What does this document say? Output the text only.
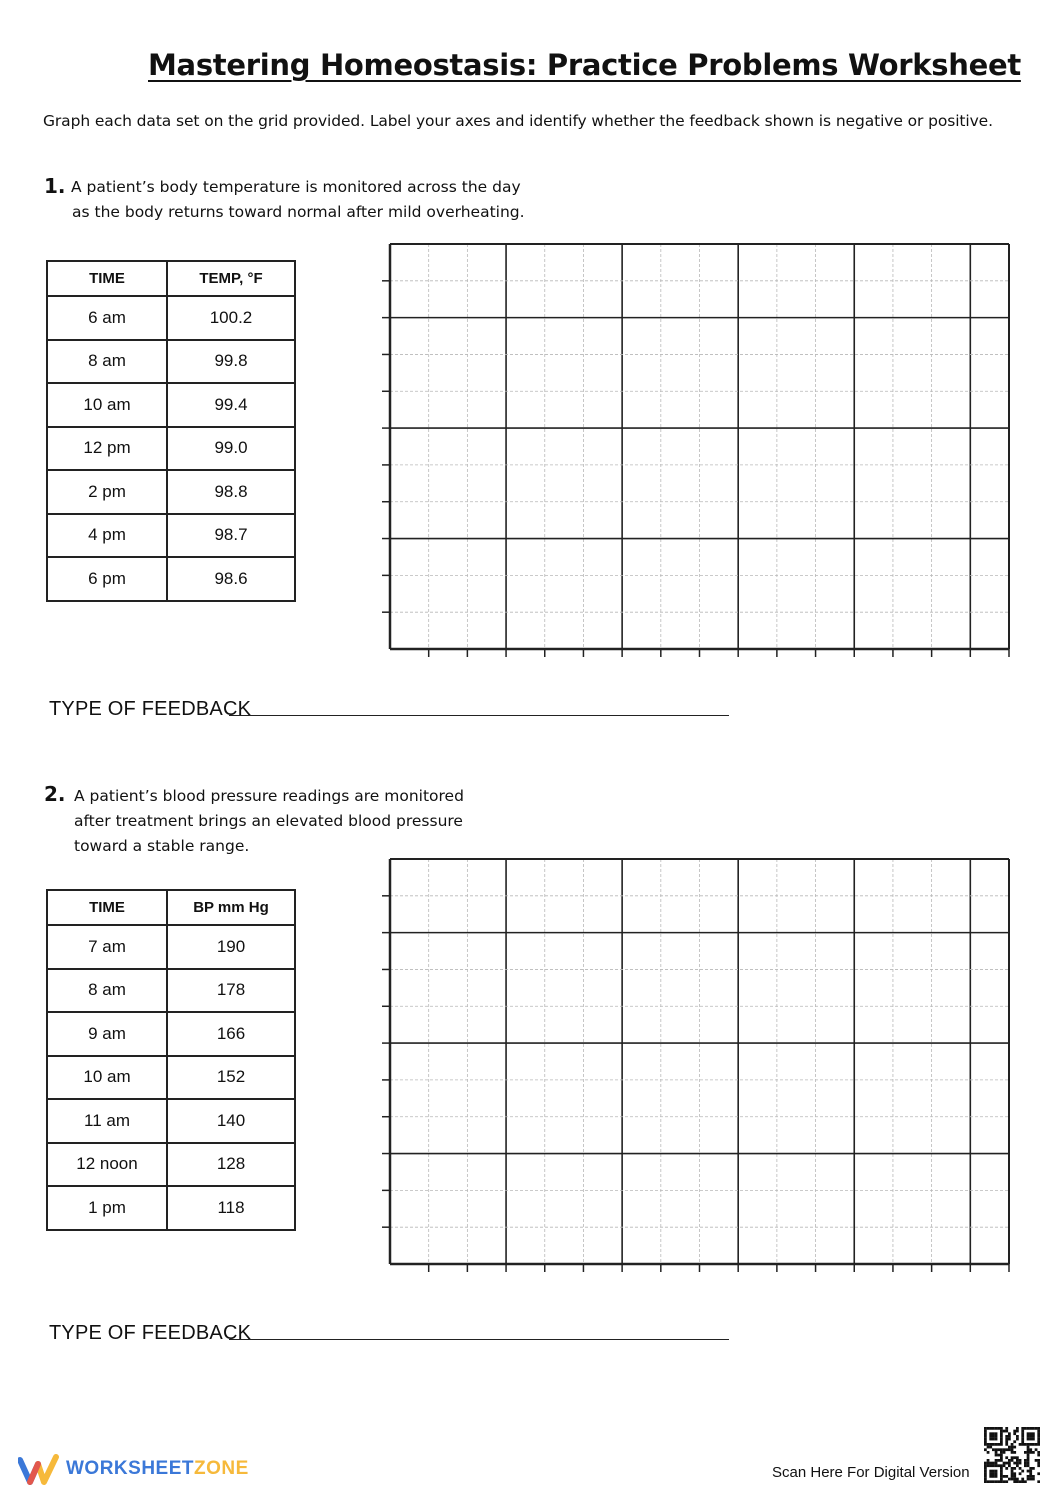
Mastering Homeostasis: Practice Problems Worksheet
Graph each data set on the grid provided. Label your axes and identify whether the feedback shown is negative or positive.
1. A patient’s body temperature is monitored across the day
as the body returns toward normal after mild overheating.
TIME	TEMP, °F
6 am	100.2
8 am	99.8
10 am	99.4
12 pm	99.0
2 pm	98.8
4 pm	98.7
6 pm	98.6
TYPE OF FEEDBACK
2. A patient’s blood pressure readings are monitored
after treatment brings an elevated blood pressure
toward a stable range.
TIME	BP mm Hg
7 am	190
8 am	178
9 am	166
10 am	152
11 am	140
12 noon	128
1 pm	118
TYPE OF FEEDBACK
WORKSHEETZONE	Scan Here For Digital Version
